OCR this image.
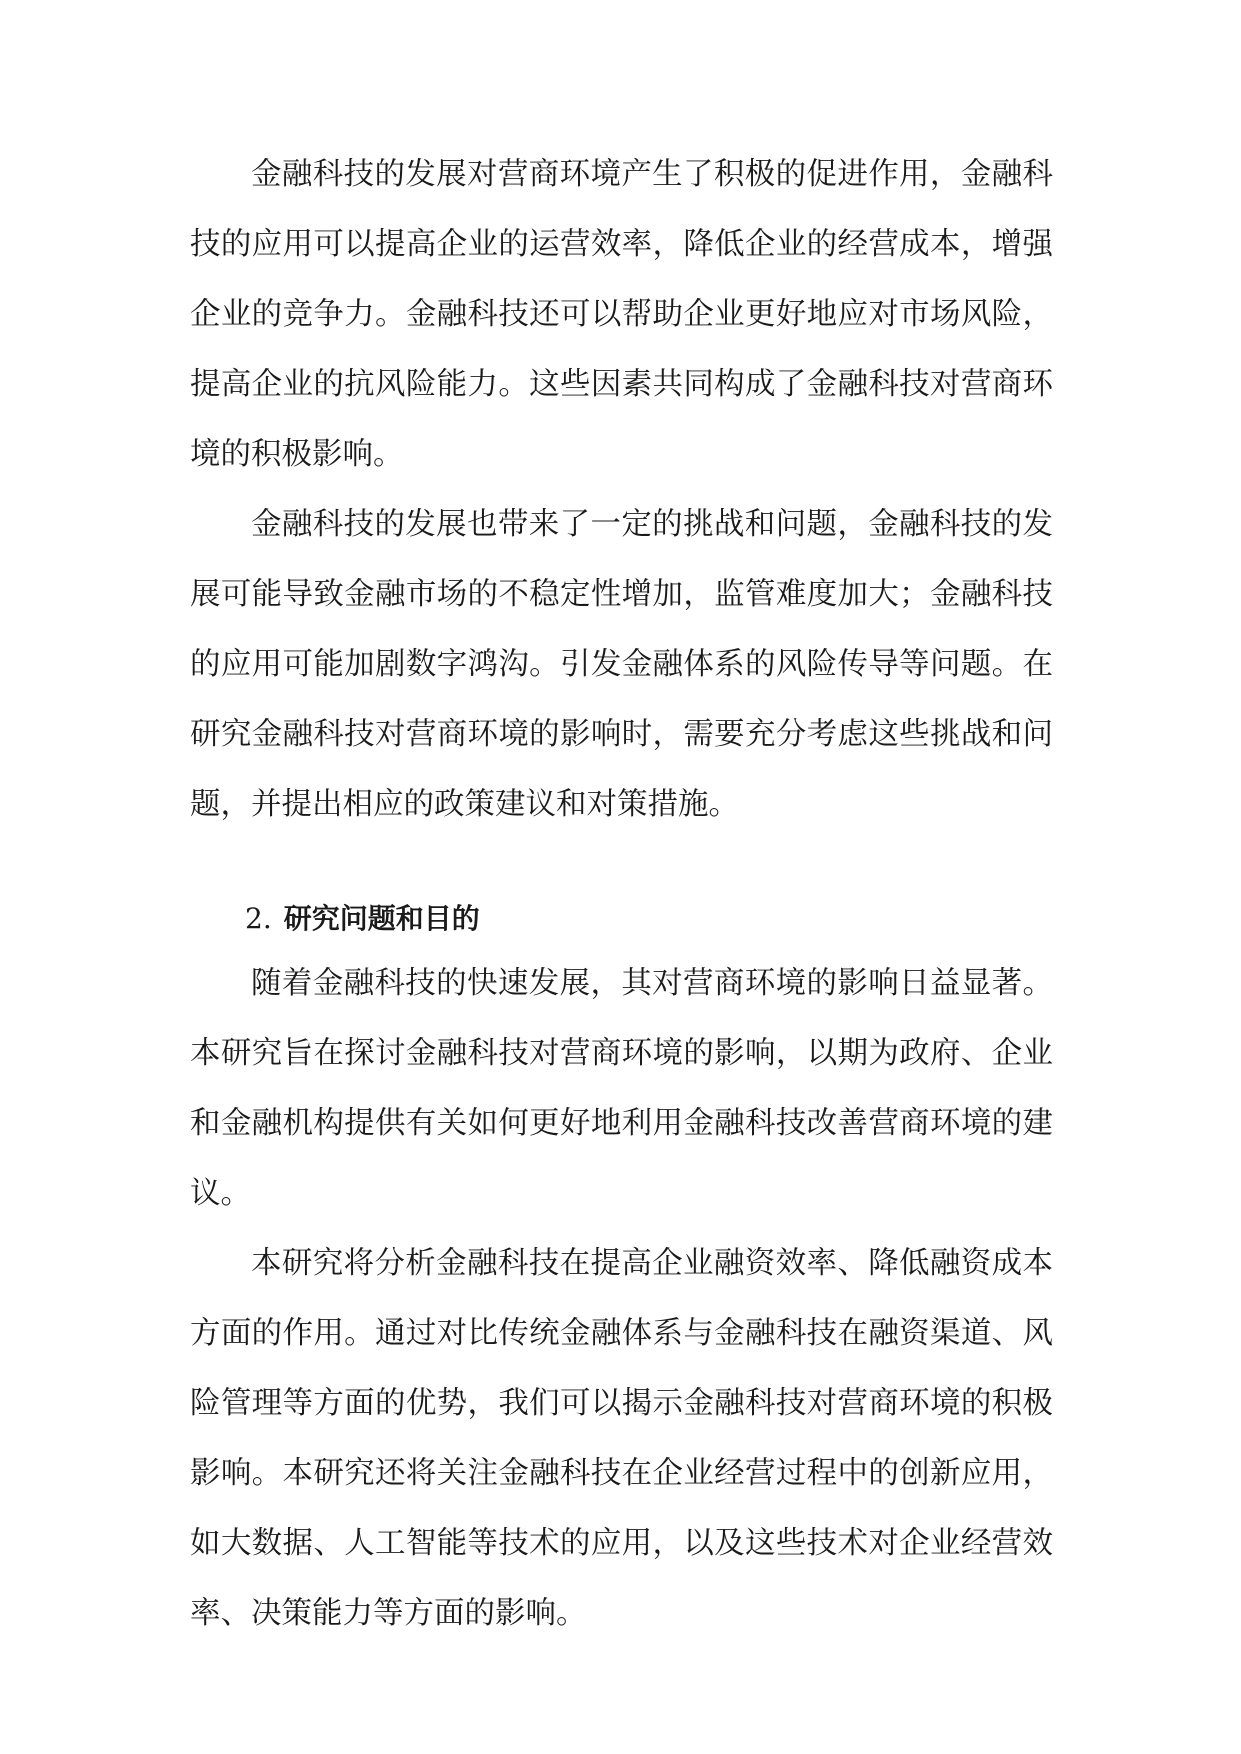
金融科技的发展对营商环境产生了积极的促进作用，金融科技的应用可以提高企业的运营效率，降低企业的经营成本，增强企业的竞争力。金融科技还可以帮助企业更好地应对市场风险，提高企业的抗风险能力。这些因素共同构成了金融科技对营商环境的积极影响。

金融科技的发展也带来了一定的挑战和问题，金融科技的发展可能导致金融市场的不稳定性增加，监管难度加大；金融科技的应用可能加剧数字鸿沟。引发金融体系的风险传导等问题。在研究金融科技对营商环境的影响时，需要充分考虑这些挑战和问题，并提出相应的政策建议和对策措施。

2. 研究问题和目的

随着金融科技的快速发展，其对营商环境的影响日益显著。本研究旨在探讨金融科技对营商环境的影响，以期为政府、企业和金融机构提供有关如何更好地利用金融科技改善营商环境的建议。

本研究将分析金融科技在提高企业融资效率、降低融资成本方面的作用。通过对比传统金融体系与金融科技在融资渠道、风险管理等方面的优势，我们可以揭示金融科技对营商环境的积极影响。本研究还将关注金融科技在企业经营过程中的创新应用，如大数据、人工智能等技术的应用，以及这些技术对企业经营效率、决策能力等方面的影响。
